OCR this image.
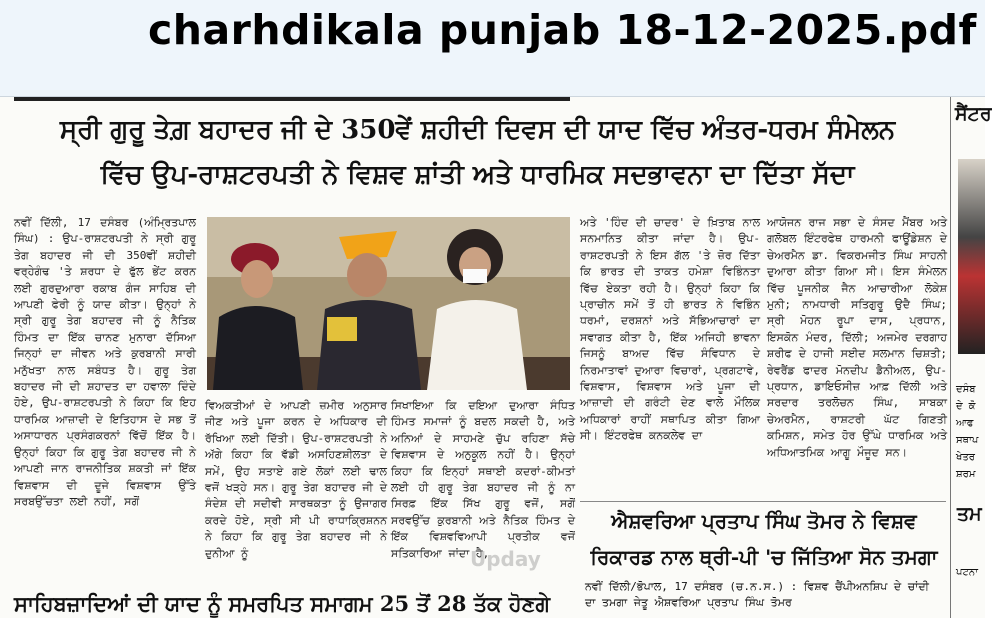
charhdikala punjab 18-12-2025.pdf
ਸ੍ਰੀ ਗੁਰੂ ਤੇਗ਼ ਬਹਾਦਰ ਜੀ ਦੇ 350ਵੇਂ ਸ਼ਹੀਦੀ ਦਿਵਸ ਦੀ ਯਾਦ ਵਿੱਚ ਅੰਤਰ-ਧਰਮ ਸੰਮੇਲਨ
ਵਿੱਚ ਉਪ-ਰਾਸ਼ਟਰਪਤੀ ਨੇ ਵਿਸ਼ਵ ਸ਼ਾਂਤੀ ਅਤੇ ਧਾਰਮਿਕ ਸਦਭਾਵਨਾ ਦਾ ਦਿੱਤਾ ਸੱਦਾ

ਨਵੀਂ ਦਿੱਲੀ, 17 ਦਸੰਬਰ (ਅੰਮ੍ਰਿਤਪਾਲ ਸਿੰਘ) : ਉਪ-ਰਾਸ਼ਟਰਪਤੀ ਨੇ ਸ੍ਰੀ ਗੁਰੂ ਤੇਗ ਬਹਾਦਰ ਜੀ ਦੀ 350ਵੀਂ ਸ਼ਹੀਦੀ ਵਰ੍ਹੇਗੰਢ 'ਤੇ ਸ਼ਰਧਾ ਦੇ ਫੁੱਲ ਭੇਂਟ ਕਰਨ ਲਈ ਗੁਰਦੁਆਰਾ ਰਕਾਬ ਗੰਜ ਸਾਹਿਬ ਦੀ ਆਪਣੀ ਫੇਰੀ ਨੂੰ ਯਾਦ ਕੀਤਾ। ਉਨ੍ਹਾਂ ਨੇ ਸ੍ਰੀ ਗੁਰੂ ਤੇਗ ਬਹਾਦਰ ਜੀ ਨੂੰ ਨੈਤਿਕ ਹਿੰਮਤ ਦਾ ਇੱਕ ਚਾਨਣ ਮੁਨਾਰਾ ਦੱਸਿਆ ਜਿਨ੍ਹਾਂ ਦਾ ਜੀਵਨ ਅਤੇ ਕੁਰਬਾਨੀ ਸਾਰੀ ਮਨੁੱਖਤਾ ਨਾਲ ਸਬੰਧਤ ਹੈ। ਗੁਰੂ ਤੇਗ ਬਹਾਦਰ ਜੀ ਦੀ ਸ਼ਹਾਦਤ ਦਾ ਹਵਾਲਾ ਦਿੰਦੇ ਹੋਏ, ਉਪ-ਰਾਸ਼ਟਰਪਤੀ ਨੇ ਕਿਹਾ ਕਿ ਇਹ ਧਾਰਮਿਕ ਆਜ਼ਾਦੀ ਦੇ ਇਤਿਹਾਸ ਦੇ ਸਭ ਤੋਂ ਅਸਾਧਾਰਨ ਪ੍ਰਸੰਗਕਰਨਾਂ ਵਿੱਚੋਂ ਇੱਕ ਹੈ। ਉਨ੍ਹਾਂ ਕਿਹਾ ਕਿ ਗੁਰੂ ਤੇਗ ਬਹਾਦਰ ਜੀ ਨੇ ਆਪਣੀ ਜਾਨ ਰਾਜਨੀਤਿਕ ਸ਼ਕਤੀ ਜਾਂ ਇੱਕ ਵਿਸ਼ਵਾਸ ਦੀ ਦੂਜੇ ਵਿਸ਼ਵਾਸ ਉੱਤੇ ਸਰਬਉੱਚਤਾ ਲਈ ਨਹੀਂ, ਸਗੋਂ

ਵਿਅਕਤੀਆਂ ਦੇ ਆਪਣੀ ਜ਼ਮੀਰ ਅਨੁਸਾਰ ਜੀਣ ਅਤੇ ਪੂਜਾ ਕਰਨ ਦੇ ਅਧਿਕਾਰ ਦੀ ਰੱਖਿਆ ਲਈ ਦਿੱਤੀ। ਉਪ-ਰਾਸ਼ਟਰਪਤੀ ਨੇ ਅੱਗੇ ਕਿਹਾ ਕਿ ਵੱਡੀ ਅਸਹਿਣਸ਼ੀਲਤਾ ਦੇ ਸਮੇਂ, ਉਹ ਸਤਾਏ ਗਏ ਲੋਕਾਂ ਲਈ ਢਾਲ ਵਜੋਂ ਖੜ੍ਹੇ ਸਨ। ਗੁਰੂ ਤੇਗ ਬਹਾਦਰ ਜੀ ਦੇ ਸੰਦੇਸ਼ ਦੀ ਸਦੀਵੀ ਸਾਰਥਕਤਾ ਨੂੰ ਉਜਾਗਰ ਕਰਦੇ ਹੋਏ, ਸ੍ਰੀ ਸੀ ਪੀ ਰਾਧਾਕ੍ਰਿਸ਼ਨਨ ਨੇ ਕਿਹਾ ਕਿ ਗੁਰੂ ਤੇਗ ਬਹਾਦਰ ਜੀ ਨੇ ਦੁਨੀਆ ਨੂੰ

ਸਿਖਾਇਆ ਕਿ ਦਇਆ ਦੁਆਰਾ ਸੰਧਿਤ ਹਿੰਮਤ ਸਮਾਜਾਂ ਨੂੰ ਬਦਲ ਸਕਦੀ ਹੈ, ਅਤੇ ਅਨਿਆਂ ਦੇ ਸਾਹਮਣੇ ਚੁੱਪ ਰਹਿਣਾ ਸੱਚੇ ਵਿਸ਼ਵਾਸ ਦੇ ਅਨੁਕੂਲ ਨਹੀਂ ਹੈ। ਉਨ੍ਹਾਂ ਕਿਹਾ ਕਿ ਇਨ੍ਹਾਂ ਸਥਾਈ ਕਦਰਾਂ-ਕੀਮਤਾਂ ਲਈ ਹੀ ਗੁਰੂ ਤੇਗ ਬਹਾਦਰ ਜੀ ਨੂੰ ਨਾ ਸਿਰਫ਼ ਇੱਕ ਸਿੱਖ ਗੁਰੂ ਵਜੋਂ, ਸਗੋਂ ਸਰਵਉੱਚ ਕੁਰਬਾਨੀ ਅਤੇ ਨੈਤਿਕ ਹਿੰਮਤ ਦੇ ਇੱਕ ਵਿਸ਼ਵਵਿਆਪੀ ਪ੍ਰਤੀਕ ਵਜੋਂ ਸਤਿਕਾਰਿਆ ਜਾਂਦਾ ਹੈ,

ਅਤੇ 'ਹਿੰਦ ਦੀ ਚਾਦਰ' ਦੇ ਖ਼ਿਤਾਬ ਨਾਲ ਸਨਮਾਨਿਤ ਕੀਤਾ ਜਾਂਦਾ ਹੈ। ਉਪ-ਰਾਸ਼ਟਰਪਤੀ ਨੇ ਇਸ ਗੱਲ 'ਤੇ ਜ਼ੋਰ ਦਿੱਤਾ ਕਿ ਭਾਰਤ ਦੀ ਤਾਕਤ ਹਮੇਸ਼ਾ ਵਿਭਿੰਨਤਾ ਵਿੱਚ ਏਕਤਾ ਰਹੀ ਹੈ। ਉਨ੍ਹਾਂ ਕਿਹਾ ਕਿ ਪ੍ਰਾਚੀਨ ਸਮੇਂ ਤੋਂ ਹੀ ਭਾਰਤ ਨੇ ਵਿਭਿੰਨ ਧਰਮਾਂ, ਦਰਸ਼ਨਾਂ ਅਤੇ ਸੱਭਿਆਚਾਰਾਂ ਦਾ ਸਵਾਗਤ ਕੀਤਾ ਹੈ, ਇੱਕ ਅਜਿਹੀ ਭਾਵਨਾ ਜਿਸਨੂੰ ਬਾਅਦ ਵਿੱਚ ਸੰਵਿਧਾਨ ਦੇ ਨਿਰਮਾਤਾਵਾਂ ਦੁਆਰਾ ਵਿਚਾਰਾਂ, ਪ੍ਰਗਟਾਵੇ, ਵਿਸ਼ਵਾਸ, ਵਿਸ਼ਵਾਸ ਅਤੇ ਪੂਜਾ ਦੀ ਆਜ਼ਾਦੀ ਦੀ ਗਰੰਟੀ ਦੇਣ ਵਾਲੇ ਮੌਲਿਕ ਅਧਿਕਾਰਾਂ ਰਾਹੀਂ ਸਥਾਪਿਤ ਕੀਤਾ ਗਿਆ ਸੀ। ਇੰਟਰਫੇਥ ਕਨਕਲੇਵ ਦਾ

ਆਯੋਜਨ ਰਾਜ ਸਭਾ ਦੇ ਸੰਸਦ ਮੈਂਬਰ ਅਤੇ ਗਲੋਬਲ ਇੰਟਰਫੇਥ ਹਾਰਮਨੀ ਫਾਊਂਡੇਸ਼ਨ ਦੇ ਚੇਅਰਮੈਨ ਡਾ. ਵਿਕਰਮਜੀਤ ਸਿੰਘ ਸਾਹਨੀ ਦੁਆਰਾ ਕੀਤਾ ਗਿਆ ਸੀ। ਇਸ ਸੰਮੇਲਨ ਵਿੱਚ ਪੂਜਨੀਕ ਜੈਨ ਆਚਾਰੀਆ ਲੋਕੇਸ਼ ਮੁਨੀ; ਨਾਮਧਾਰੀ ਸਤਿਗੁਰੂ ਉਦੈ ਸਿੰਘ; ਸ੍ਰੀ ਮੋਹਨ ਰੂਪਾ ਦਾਸ, ਪ੍ਰਧਾਨ, ਇਸਕੋਨ ਮੰਦਰ, ਦਿੱਲੀ; ਅਜਮੇਰ ਦਰਗਾਹ ਸ਼ਰੀਫ ਦੇ ਹਾਜੀ ਸਈਦ ਸਲਮਾਨ ਚਿਸ਼ਤੀ; ਰੇਵਰੈਂਡ ਫਾਦਰ ਮੋਨਦੀਪ ਡੈਨੀਅਲ, ਉਪ-ਪ੍ਰਧਾਨ, ਡਾਇਓਸੀਜ਼ ਆਫ਼ ਦਿੱਲੀ ਅਤੇ ਸਰਦਾਰ ਤਰਲੋਚਨ ਸਿੰਘ, ਸਾਬਕਾ ਚੇਅਰਮੈਨ, ਰਾਸ਼ਟਰੀ ਘੱਟ ਗਿਣਤੀ ਕਮਿਸ਼ਨ, ਸਮੇਤ ਹੋਰ ਉੱਘੇ ਧਾਰਮਿਕ ਅਤੇ ਅਧਿਆਤਮਿਕ ਆਗੂ ਮੌਜੂਦ ਸਨ।

ਐਸ਼ਵਰਿਆ ਪ੍ਰਤਾਪ ਸਿੰਘ ਤੋਮਰ ਨੇ ਵਿਸ਼ਵ
ਰਿਕਾਰਡ ਨਾਲ ਥ੍ਰੀ-ਪੀ 'ਚ ਜਿੱਤਿਆ ਸੋਨ ਤਮਗਾ
ਨਵੀਂ ਦਿੱਲੀ/ਭੋਪਾਲ, 17 ਦਸੰਬਰ (ਚ.ਨ.ਸ.) : ਵਿਸ਼ਵ ਚੈਂਪੀਅਨਸ਼ਿਪ ਦੇ ਚਾਂਦੀ ਦਾ ਤਮਗਾ ਜੇਤੂ ਐਸ਼ਵਰਿਆ ਪ੍ਰਤਾਪ ਸਿੰਘ ਤੋਮਰ
Upday
ਸਾਹਿਬਜ਼ਾਦਿਆਂ ਦੀ ਯਾਦ ਨੂੰ ਸਮਰਪਿਤ ਸਮਾਗਮ 25 ਤੋਂ 28 ਤੱਕ ਹੋਣਗੇ
ਸੈਂਟਰ
ਦਸੰਬ
ਦੇ ਕੋ
ਆਫ
ਸਥਾਪ
ਖੇਤਰ
ਸ਼ਰਮ
ਤਮ
ਪਟਨਾ
